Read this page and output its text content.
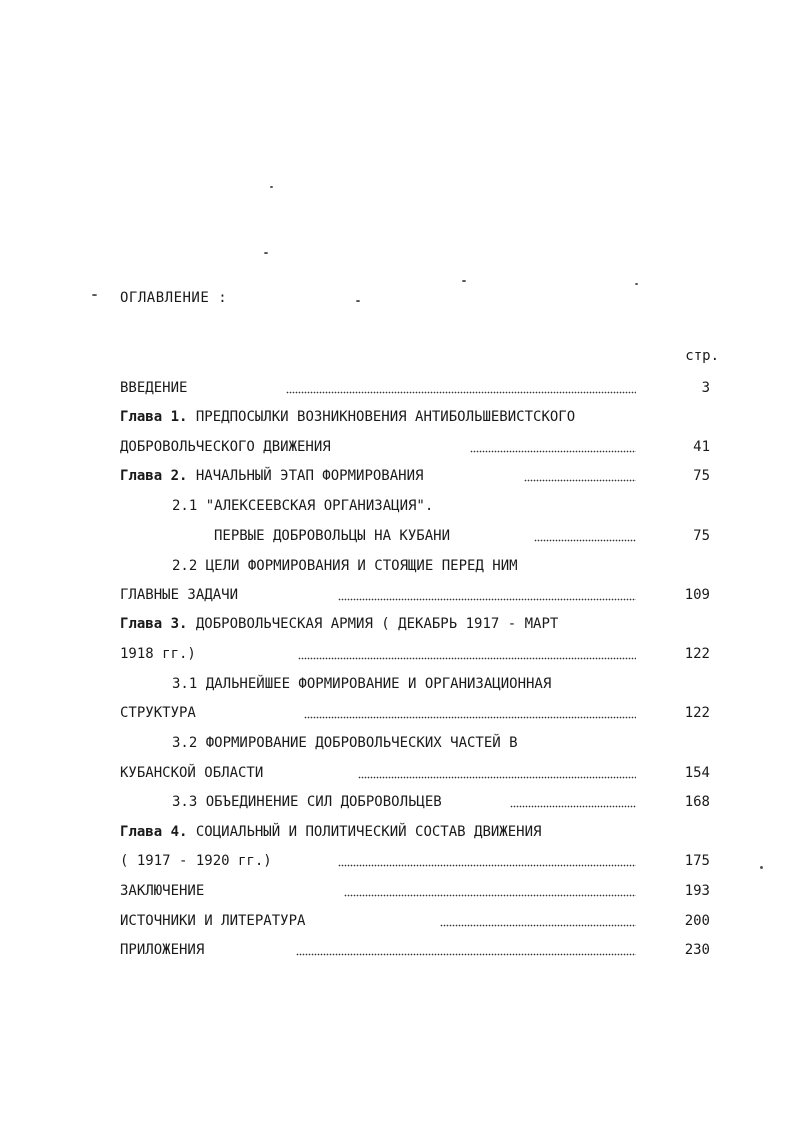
ОГЛАВЛЕНИЕ :
стр.
ВВЕДЕНИЕ	3
Глава 1. ПРЕДПОСЫЛКИ ВОЗНИКНОВЕНИЯ АНТИБОЛЬШЕВИСТСКОГО
ДОБРОВОЛЬЧЕСКОГО ДВИЖЕНИЯ	41
Глава 2. НАЧАЛЬНЫЙ ЭТАП ФОРМИРОВАНИЯ	75
2.1 "АЛЕКСЕЕВСКАЯ ОРГАНИЗАЦИЯ".
ПЕРВЫЕ ДОБРОВОЛЬЦЫ НА КУБАНИ	75
2.2 ЦЕЛИ ФОРМИРОВАНИЯ И СТОЯЩИЕ ПЕРЕД НИМ
ГЛАВНЫЕ ЗАДАЧИ	109
Глава 3. ДОБРОВОЛЬЧЕСКАЯ АРМИЯ ( ДЕКАБРЬ 1917 - МАРТ
1918 гг.)	122
3.1 ДАЛЬНЕЙШЕЕ ФОРМИРОВАНИЕ И ОРГАНИЗАЦИОННАЯ
СТРУКТУРА	122
3.2 ФОРМИРОВАНИЕ ДОБРОВОЛЬЧЕСКИХ ЧАСТЕЙ В
КУБАНСКОЙ ОБЛАСТИ	154
3.3 ОБЪЕДИНЕНИЕ СИЛ ДОБРОВОЛЬЦЕВ	168
Глава 4. СОЦИАЛЬНЫЙ И ПОЛИТИЧЕСКИЙ СОСТАВ ДВИЖЕНИЯ
( 1917 - 1920 гг.)	175
ЗАКЛЮЧЕНИЕ	193
ИСТОЧНИКИ И ЛИТЕРАТУРА	200
ПРИЛОЖЕНИЯ	230
